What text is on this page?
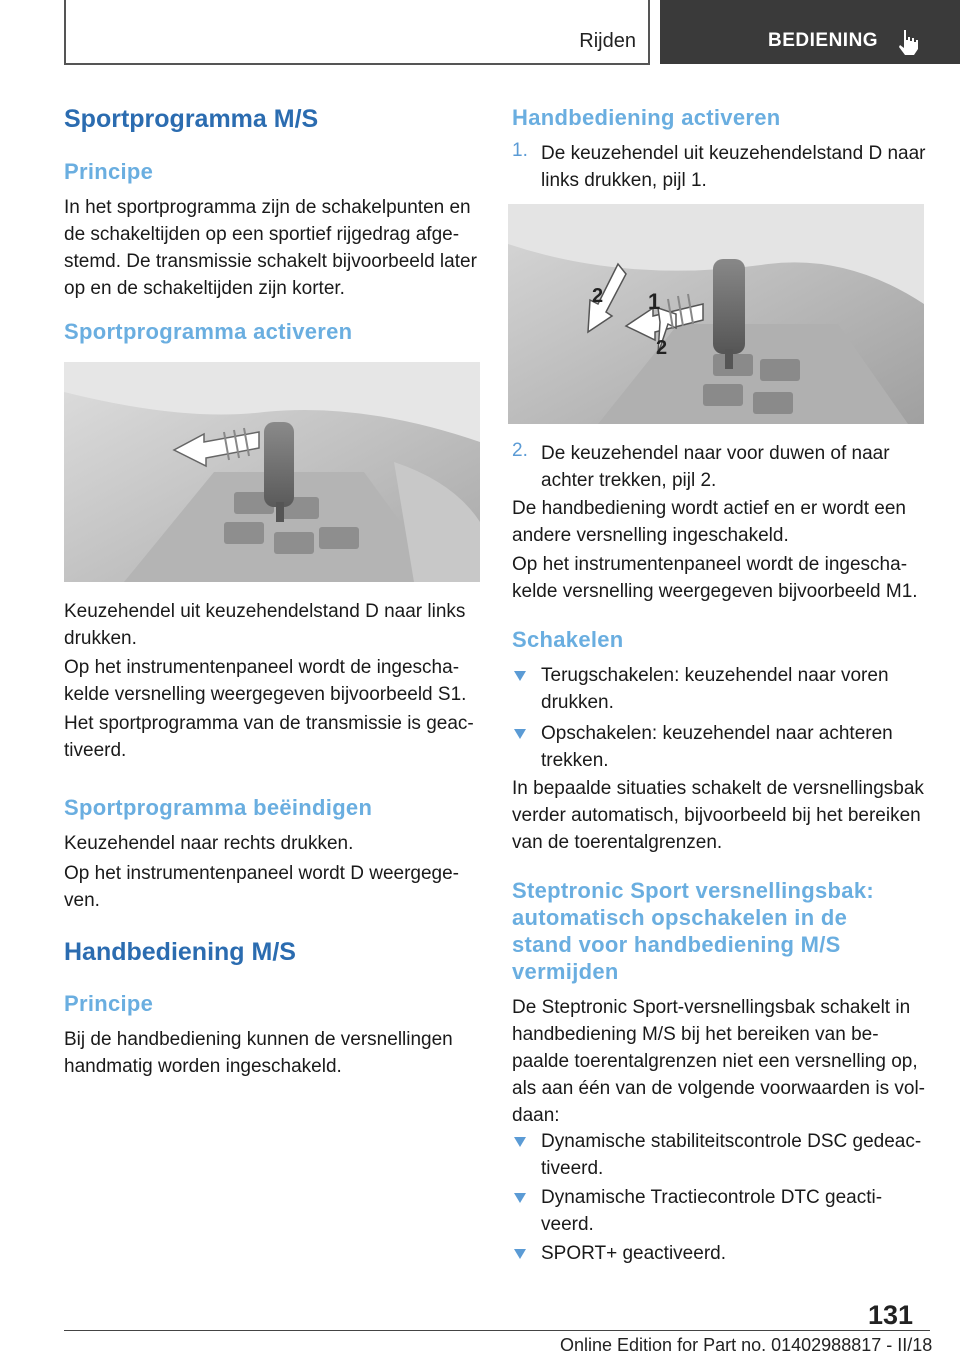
Rijden	BEDIENING
Sportprogramma M/S
Principe
In het sportprogramma zijn de schakelpunten en
de schakeltijden op een sportief rijgedrag afge-
stemd. De transmissie schakelt bijvoorbeeld later
op en de schakeltijden zijn korter.
Sportprogramma activeren
Keuzehendel uit keuzehendelstand D naar links
drukken.
Op het instrumentenpaneel wordt de ingescha-
kelde versnelling weergegeven bijvoorbeeld S1.
Het sportprogramma van de transmissie is geac-
tiveerd.
Sportprogramma beëindigen
Keuzehendel naar rechts drukken.
Op het instrumentenpaneel wordt D weergege-
ven.
Handbediening M/S
Principe
Bij de handbediening kunnen de versnellingen
handmatig worden ingeschakeld.
Handbediening activeren
1. De keuzehendel uit keuzehendelstand D naar
links drukken, pijl 1.
1
2
2
2. De keuzehendel naar voor duwen of naar
achter trekken, pijl 2.
De handbediening wordt actief en er wordt een
andere versnelling ingeschakeld.
Op het instrumentenpaneel wordt de ingescha-
kelde versnelling weergegeven bijvoorbeeld M1.
Schakelen
Terugschakelen: keuzehendel naar voren
drukken.
Opschakelen: keuzehendel naar achteren
trekken.
In bepaalde situaties schakelt de versnellingsbak
verder automatisch, bijvoorbeeld bij het bereiken
van de toerentalgrenzen.
Steptronic Sport versnellingsbak:
automatisch opschakelen in de
stand voor handbediening M/S
vermijden
De Steptronic Sport-versnellingsbak schakelt in
handbediening M/S bij het bereiken van be-
paalde toerentalgrenzen niet een versnelling op,
als aan één van de volgende voorwaarden is vol-
daan:
Dynamische stabiliteitscontrole DSC gedeac-
tiveerd.
Dynamische Tractiecontrole DTC geacti-
veerd.
SPORT+ geactiveerd.
131
Online Edition for Part no. 01402988817 - II/18
